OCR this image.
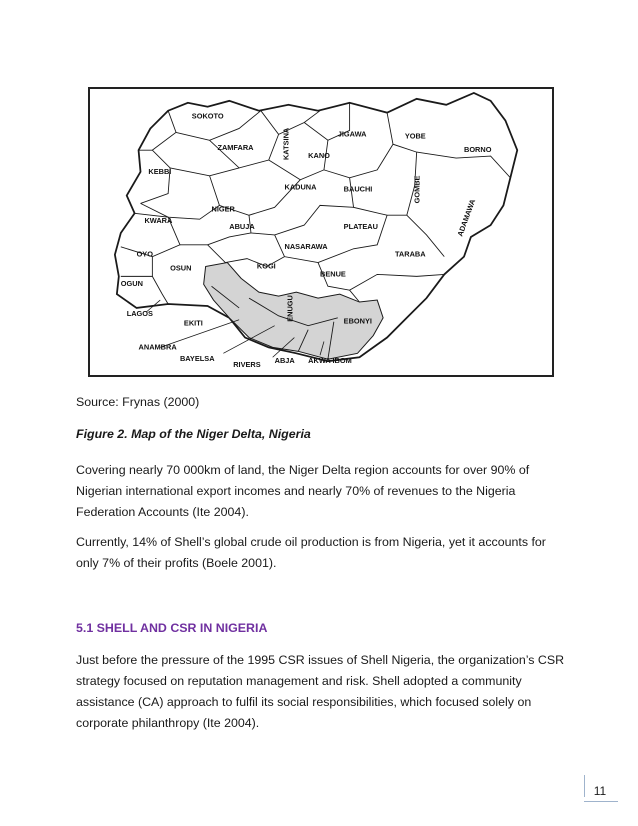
SOKOTO
ZAMFARA	KATSINA	JIGAWA	YOBE
BORNO
KEBBI
KANO
KADUNA	BAUCHI	GOMBE
ADAMAWA
NIGER
KWARA
ABUJA	PLATEAU
NASARAWA
TARABA
OYO
OSUN	KOGI
BENUE
OGUN
LAGOS
EKITI
ENUGU	EBONYI
ANAMBRA
BAYELSA
RIVERS ABJA AKWA IBOM
Source: Frynas (2000)
Figure 2. Map of the Niger Delta, Nigeria
Covering nearly 70 000km of land, the Niger Delta region accounts for over 90% of Nigerian international export incomes and nearly 70% of revenues to the Nigeria Federation Accounts (Ite 2004).
Currently, 14% of Shell’s global crude oil production is from Nigeria, yet it accounts for only 7% of their profits (Boele 2001).
5.1 SHELL AND CSR IN NIGERIA
Just before the pressure of the 1995 CSR issues of Shell Nigeria, the organization’s CSR strategy focused on reputation management and risk. Shell adopted a community assistance (CA) approach to fulfil its social responsibilities, which focused solely on corporate philanthropy (Ite 2004).
11
